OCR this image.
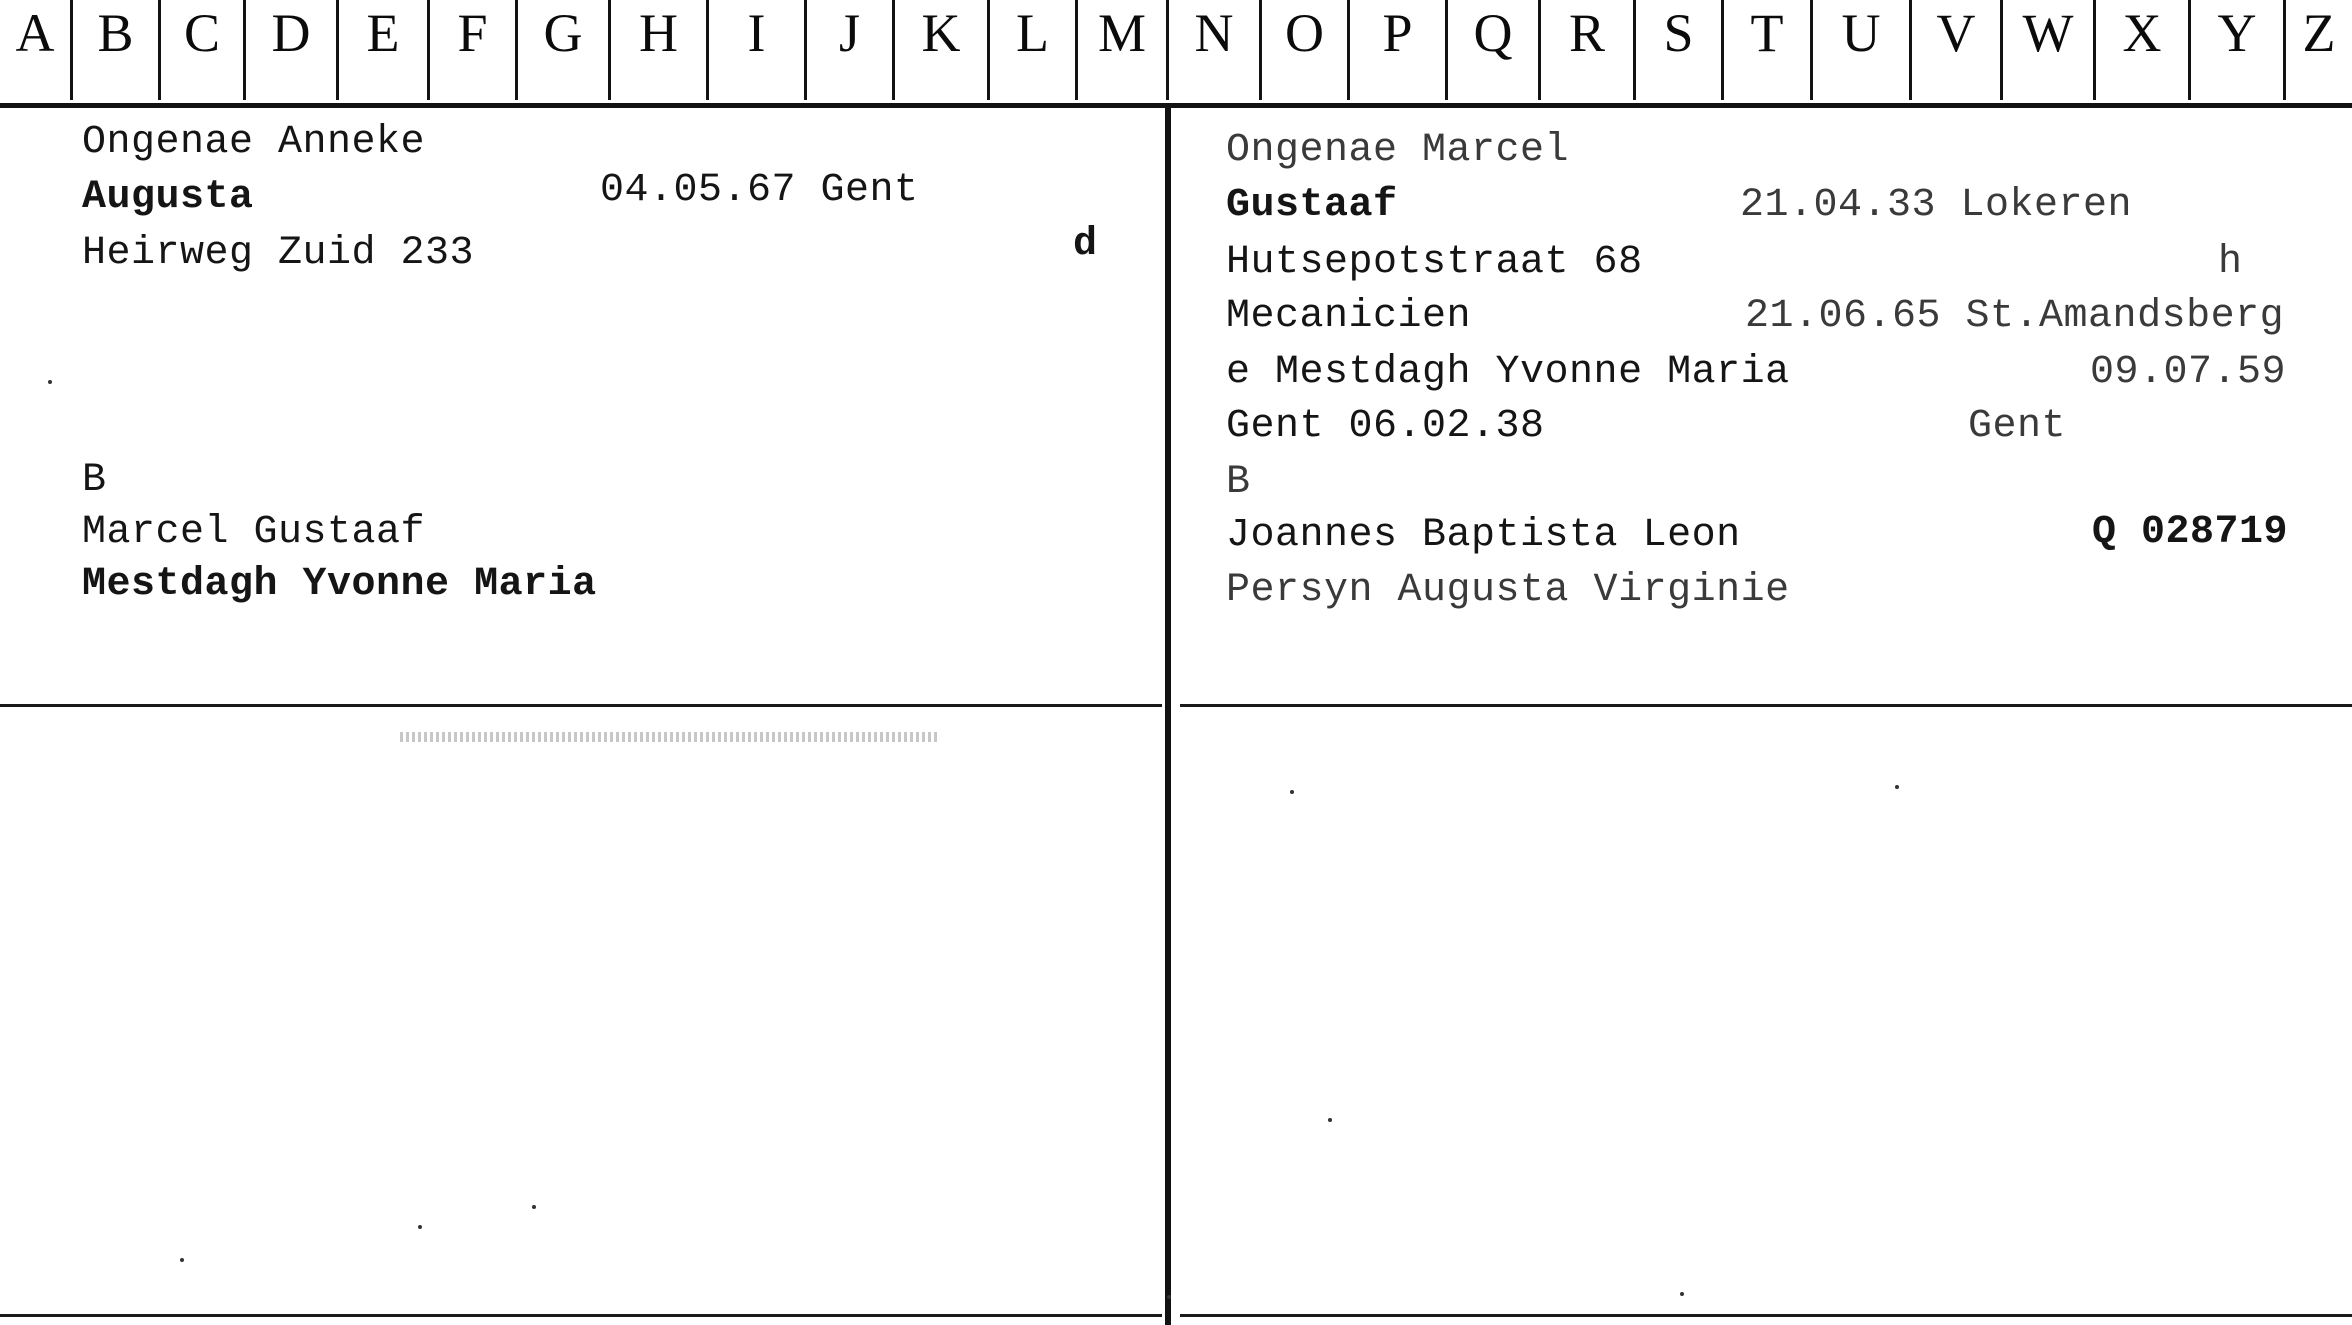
A B C D	E	F	G	H	I	J	K	L M N O	P	Q	R	S	T	U	V W X	Y Z
Ongenae Anneke
Augusta	04.05.67 Gent
Heirweg Zuid 233	d
B
Marcel Gustaaf
Mestdagh Yvonne Maria
Ongenae Marcel
Gustaaf	21.04.33 Lokeren
Hutsepotstraat 68	h
Mecanicien	21.06.65 St.Amandsberg
e Mestdagh Yvonne Maria	09.07.59
Gent 06.02.38	Gent
B
Joannes Baptista Leon	Q 028719
Persyn Augusta Virginie
